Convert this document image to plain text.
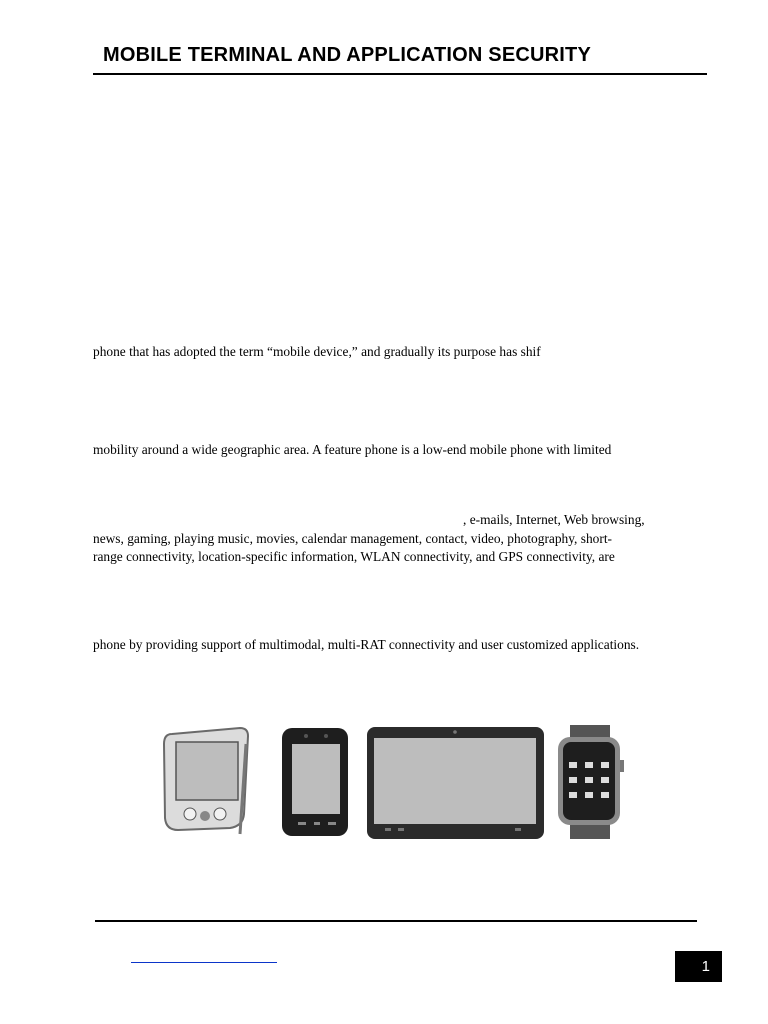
MOBILE TERMINAL AND APPLICATION SECURITY
phone that has adopted the term “mobile device,” and gradually its purpose has shif
mobility around a wide geographic area. A feature phone is a low-end mobile phone with limited
, e-mails, Internet, Web browsing,
news, gaming, playing music, movies, calendar management, contact, video, photography, short-
range connectivity, location-specific information, WLAN connectivity, and GPS connectivity, are
phone by providing support of multimodal, multi-RAT connectivity and user customized applications.
1
